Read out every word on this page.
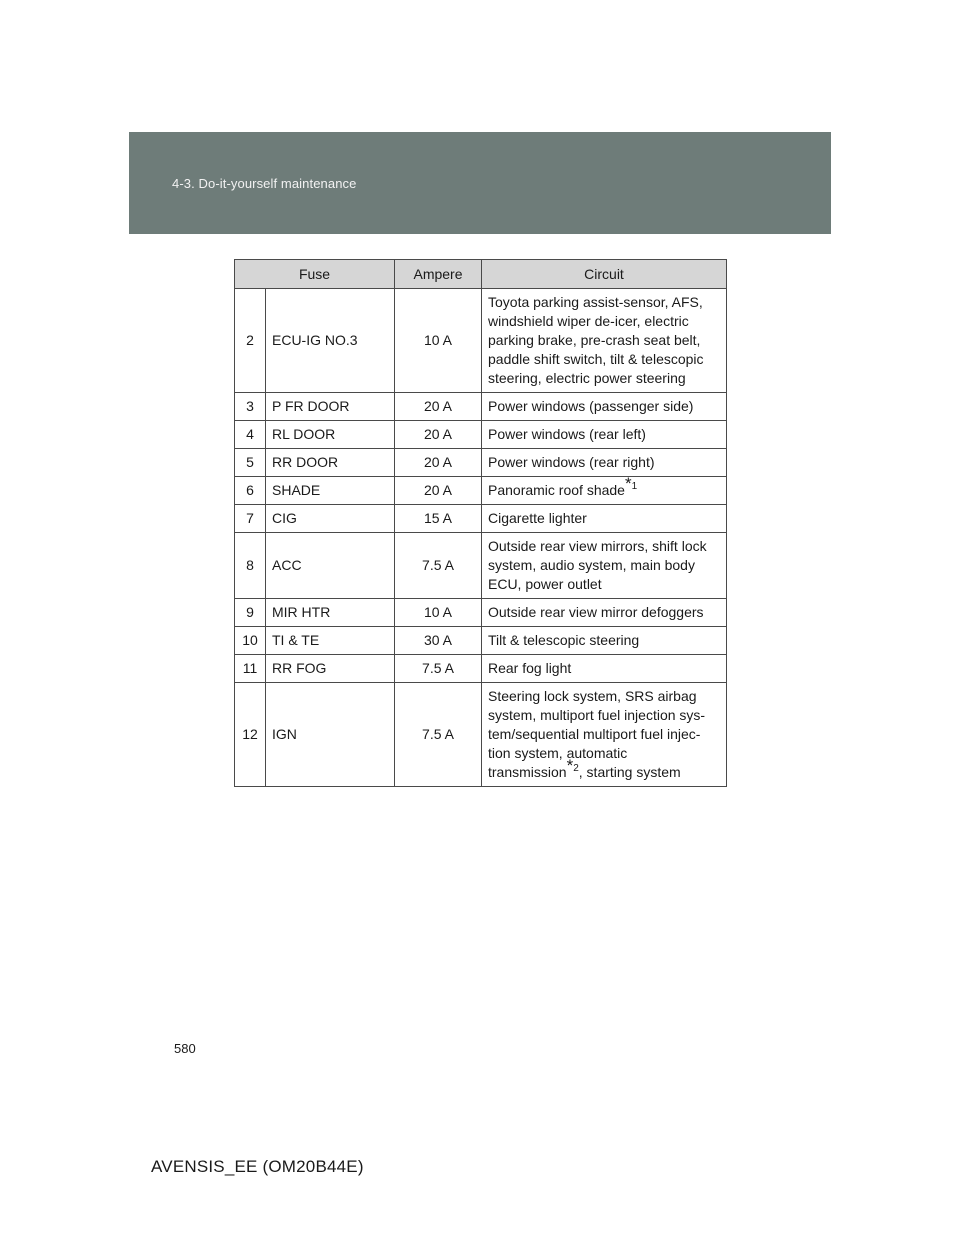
4-3. Do-it-yourself maintenance
Fuse		Ampere	Circuit
2	ECU-IG NO.3	10 A	Toyota parking assist-sensor, AFS, windshield wiper de-icer, electric parking brake, pre-crash seat belt, paddle shift switch, tilt & telescopic steering, electric power steering
3	P FR DOOR	20 A	Power windows (passenger side)
4	RL DOOR	20 A	Power windows (rear left)
5	RR DOOR	20 A	Power windows (rear right)
6	SHADE	20 A	Panoramic roof shade$^{*1}$
7	CIG	15 A	Cigarette lighter
8	ACC	7.5 A	Outside rear view mirrors, shift lock system, audio system, main body ECU, power outlet
9	MIR HTR	10 A	Outside rear view mirror defoggers
10	TI & TE	30 A	Tilt & telescopic steering
11	RR FOG	7.5 A	Rear fog light
12	IGN	7.5 A	Steering lock system, SRS airbag system, multiport fuel injection sys-tem/sequential multiport fuel injec-tion system, automatic transmission$^{*2}$, starting system
580
AVENSIS_EE (OM20B44E)
